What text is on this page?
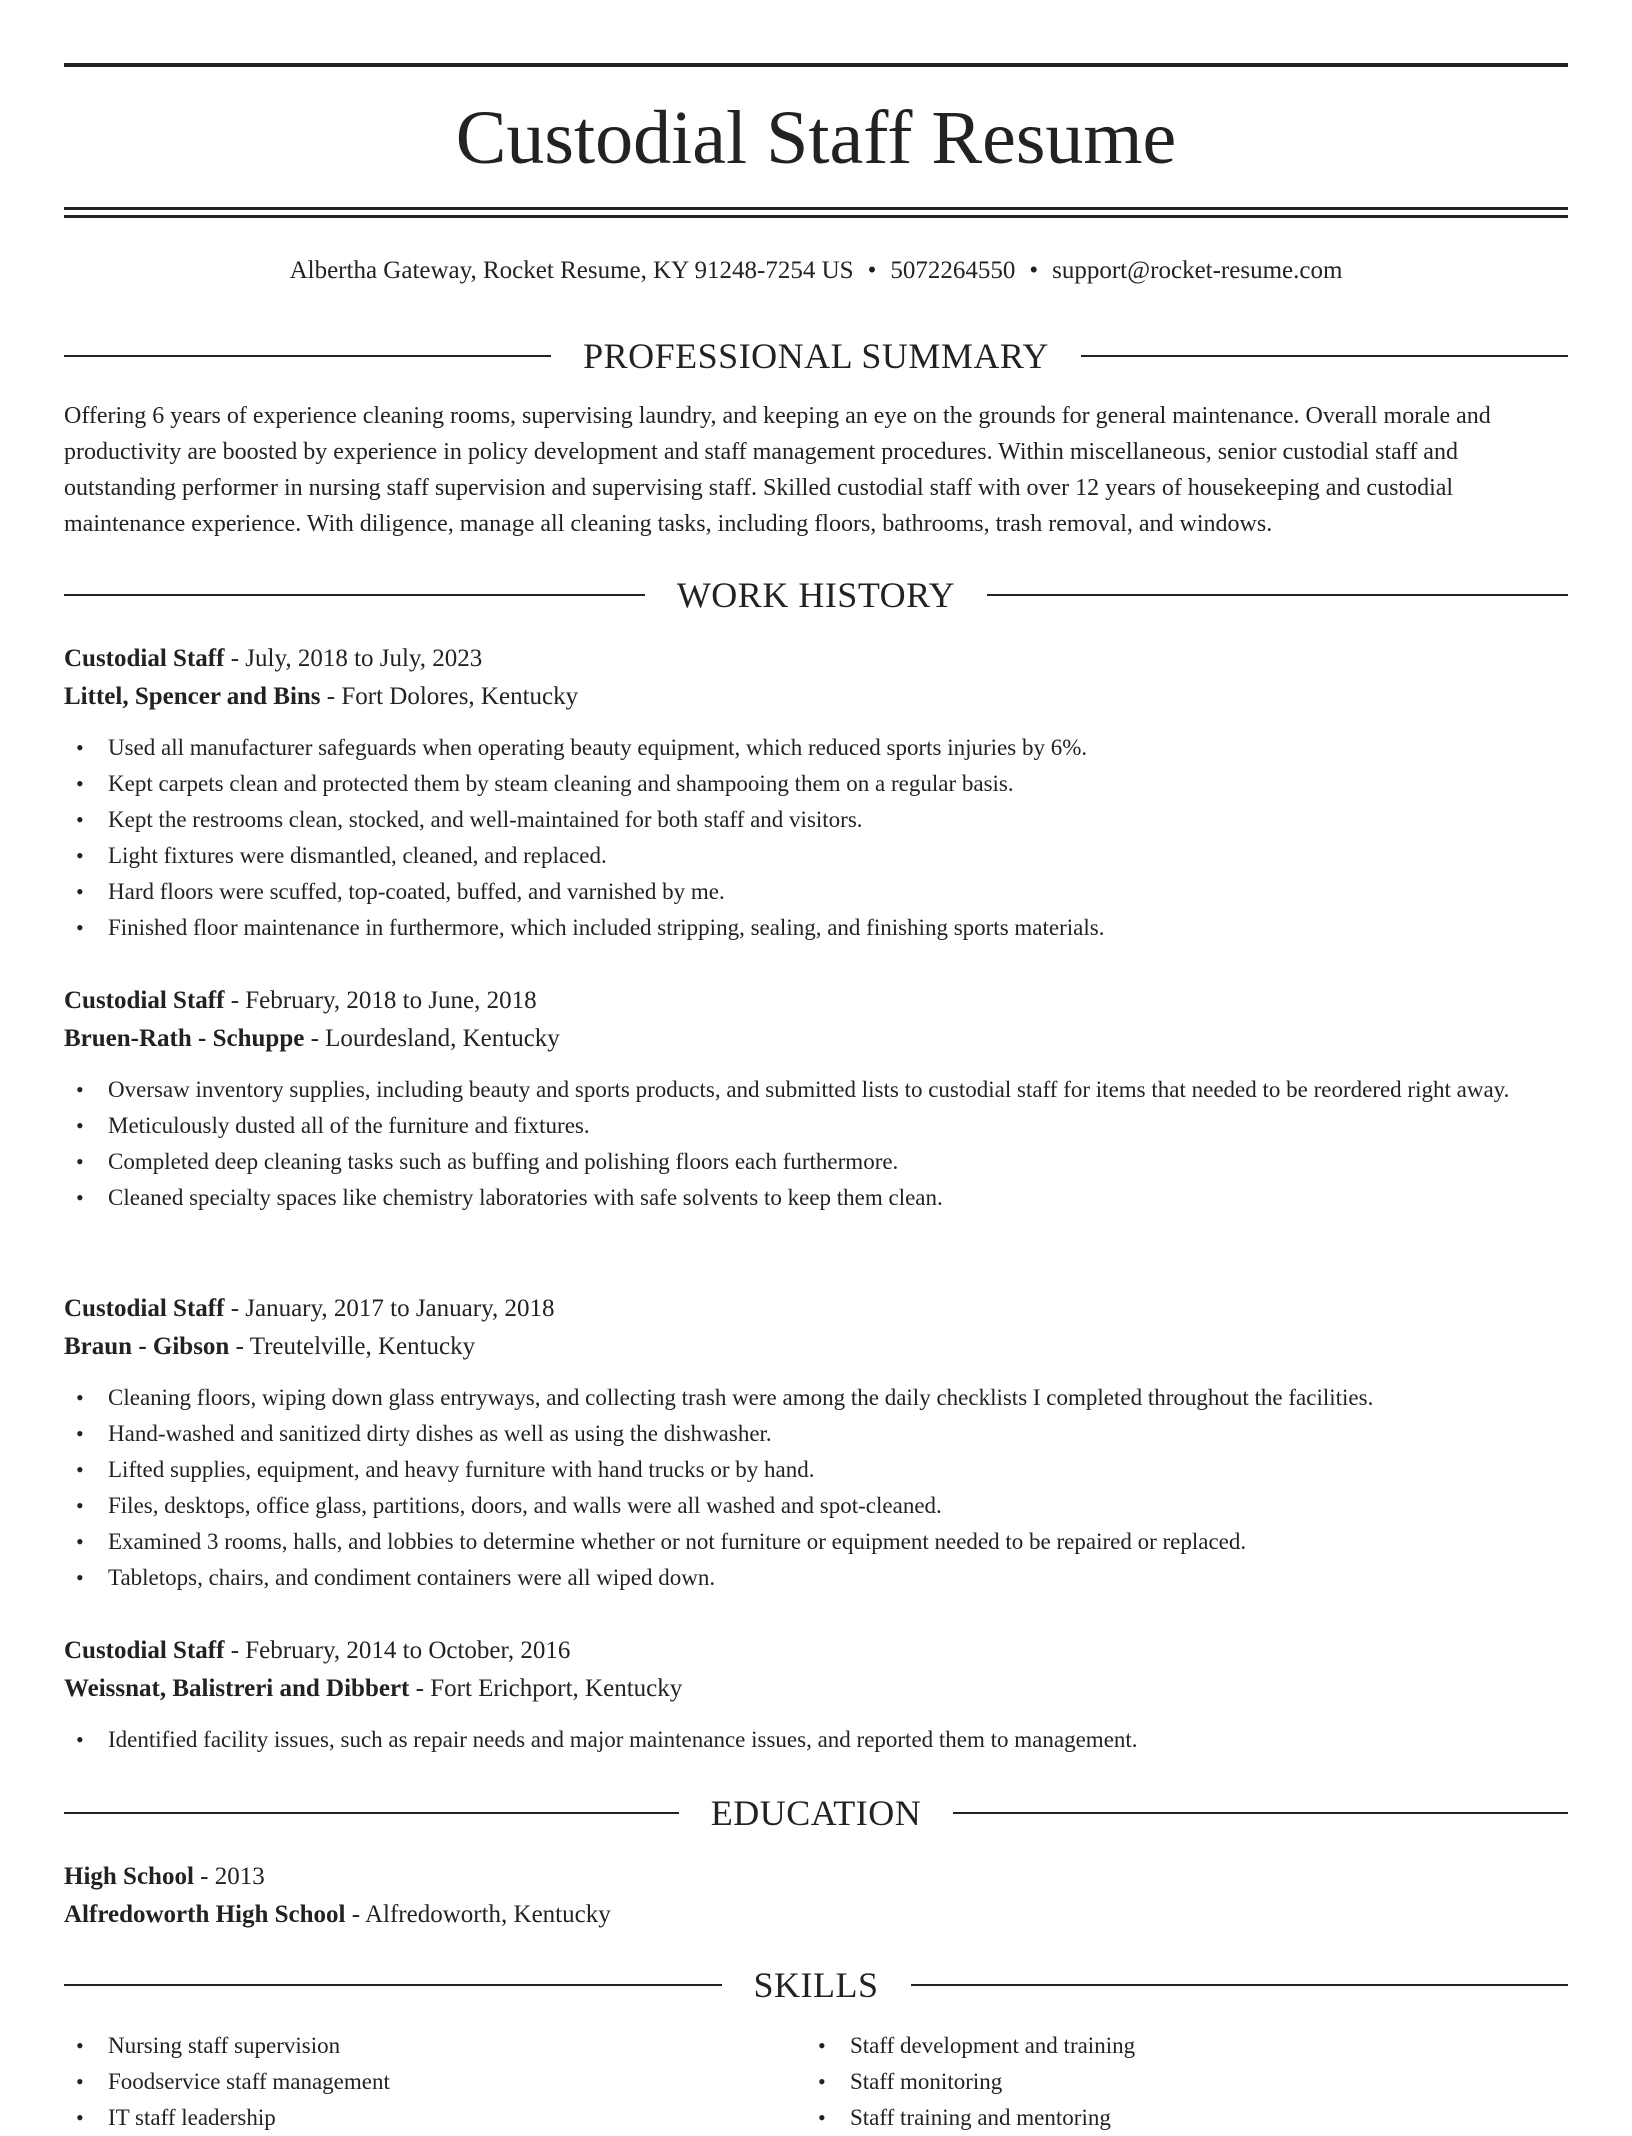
Custodial Staff Resume
Albertha Gateway, Rocket Resume, KY 91248-7254 US • 5072264550 • support@rocket-resume.com
PROFESSIONAL SUMMARY
Offering 6 years of experience cleaning rooms, supervising laundry, and keeping an eye on the grounds for general maintenance. Overall morale and productivity are boosted by experience in policy development and staff management procedures. Within miscellaneous, senior custodial staff and outstanding performer in nursing staff supervision and supervising staff. Skilled custodial staff with over 12 years of housekeeping and custodial maintenance experience. With diligence, manage all cleaning tasks, including floors, bathrooms, trash removal, and windows.
WORK HISTORY
Custodial Staff - July, 2018 to July, 2023
Littel, Spencer and Bins - Fort Dolores, Kentucky
• Used all manufacturer safeguards when operating beauty equipment, which reduced sports injuries by 6%.
• Kept carpets clean and protected them by steam cleaning and shampooing them on a regular basis.
• Kept the restrooms clean, stocked, and well-maintained for both staff and visitors.
• Light fixtures were dismantled, cleaned, and replaced.
• Hard floors were scuffed, top-coated, buffed, and varnished by me.
• Finished floor maintenance in furthermore, which included stripping, sealing, and finishing sports materials.
Custodial Staff - February, 2018 to June, 2018
Bruen-Rath - Schuppe - Lourdesland, Kentucky
• Oversaw inventory supplies, including beauty and sports products, and submitted lists to custodial staff for items that needed to be reordered right away.
• Meticulously dusted all of the furniture and fixtures.
• Completed deep cleaning tasks such as buffing and polishing floors each furthermore.
• Cleaned specialty spaces like chemistry laboratories with safe solvents to keep them clean.
Custodial Staff - January, 2017 to January, 2018
Braun - Gibson - Treutelville, Kentucky
• Cleaning floors, wiping down glass entryways, and collecting trash were among the daily checklists I completed throughout the facilities.
• Hand-washed and sanitized dirty dishes as well as using the dishwasher.
• Lifted supplies, equipment, and heavy furniture with hand trucks or by hand.
• Files, desktops, office glass, partitions, doors, and walls were all washed and spot-cleaned.
• Examined 3 rooms, halls, and lobbies to determine whether or not furniture or equipment needed to be repaired or replaced.
• Tabletops, chairs, and condiment containers were all wiped down.
Custodial Staff - February, 2014 to October, 2016
Weissnat, Balistreri and Dibbert - Fort Erichport, Kentucky
• Identified facility issues, such as repair needs and major maintenance issues, and reported them to management.
EDUCATION
High School - 2013
Alfredoworth High School - Alfredoworth, Kentucky
SKILLS
• Nursing staff supervision
• Foodservice staff management
• IT staff leadership
• Staff development and training
• Staff monitoring
• Staff training and mentoring
